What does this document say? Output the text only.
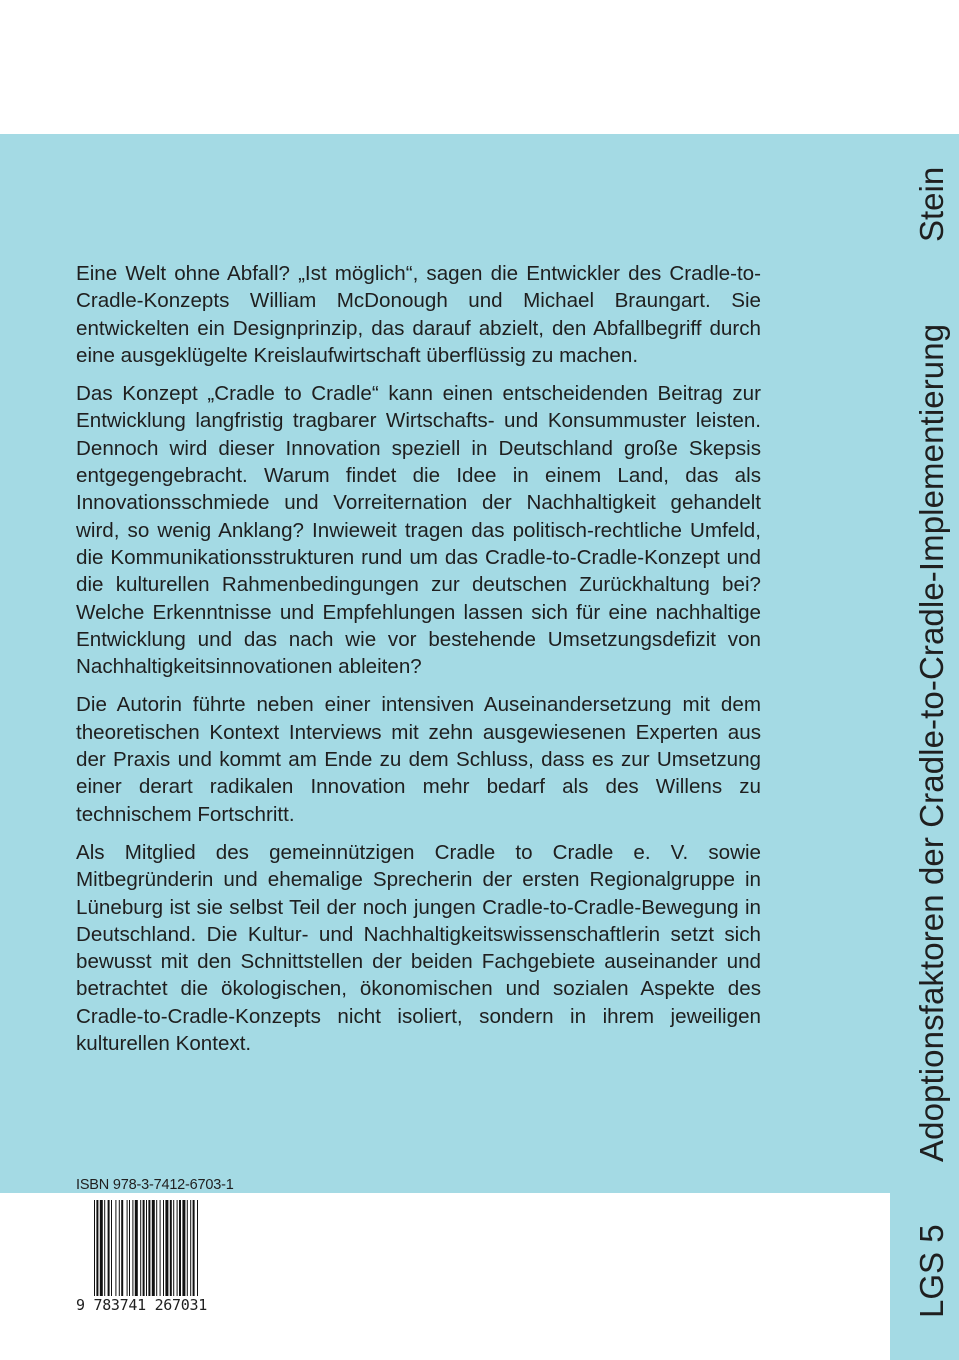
Eine Welt ohne Abfall? „Ist möglich“, sagen die Entwickler des Cradle-to-Cradle-Konzepts William McDonough und Michael Braungart. Sie entwickelten ein Designprinzip, das darauf abzielt, den Abfallbegriff durch eine ausgeklügelte Kreislaufwirtschaft überflüssig zu machen.

Das Konzept „Cradle to Cradle“ kann einen entscheidenden Beitrag zur Entwicklung langfristig tragbarer Wirtschafts- und Konsummuster leisten. Dennoch wird dieser Innovation speziell in Deutschland große Skepsis entgegengebracht. Warum findet die Idee in einem Land, das als Innovationsschmiede und Vorreiternation der Nachhaltigkeit gehandelt wird, so wenig Anklang? Inwieweit tragen das politisch-rechtliche Umfeld, die Kommunikationsstrukturen rund um das Cradle-to-Cradle-Konzept und die kulturellen Rahmenbedingungen zur deutschen Zurückhaltung bei? Welche Erkenntnisse und Empfehlungen lassen sich für eine nachhaltige Entwicklung und das nach wie vor bestehende Umsetzungsdefizit von Nachhaltigkeitsinnovationen ableiten?

Die Autorin führte neben einer intensiven Auseinandersetzung mit dem theoretischen Kontext Interviews mit zehn ausgewiesenen Experten aus der Praxis und kommt am Ende zu dem Schluss, dass es zur Umsetzung einer derart radikalen Innovation mehr bedarf als des Willens zu technischem Fortschritt.

Als Mitglied des gemeinnützigen Cradle to Cradle e. V. sowie Mitbegründerin und ehemalige Sprecherin der ersten Regionalgruppe in Lüneburg ist sie selbst Teil der noch jungen Cradle-to-Cradle-Bewegung in Deutschland. Die Kultur- und Nachhaltigkeitswissenschaftlerin setzt sich bewusst mit den Schnittstellen der beiden Fachgebiete auseinander und betrachtet die ökologischen, ökonomischen und sozialen Aspekte des Cradle-to-Cradle-Konzepts nicht isoliert, sondern in ihrem jeweiligen kulturellen Kontext.	Adoptionsfaktoren der Cradle-to-Cradle-Implementierung
Stein
LGS 5
ISBN 978-3-7412-6703-1
9 783741 267031
